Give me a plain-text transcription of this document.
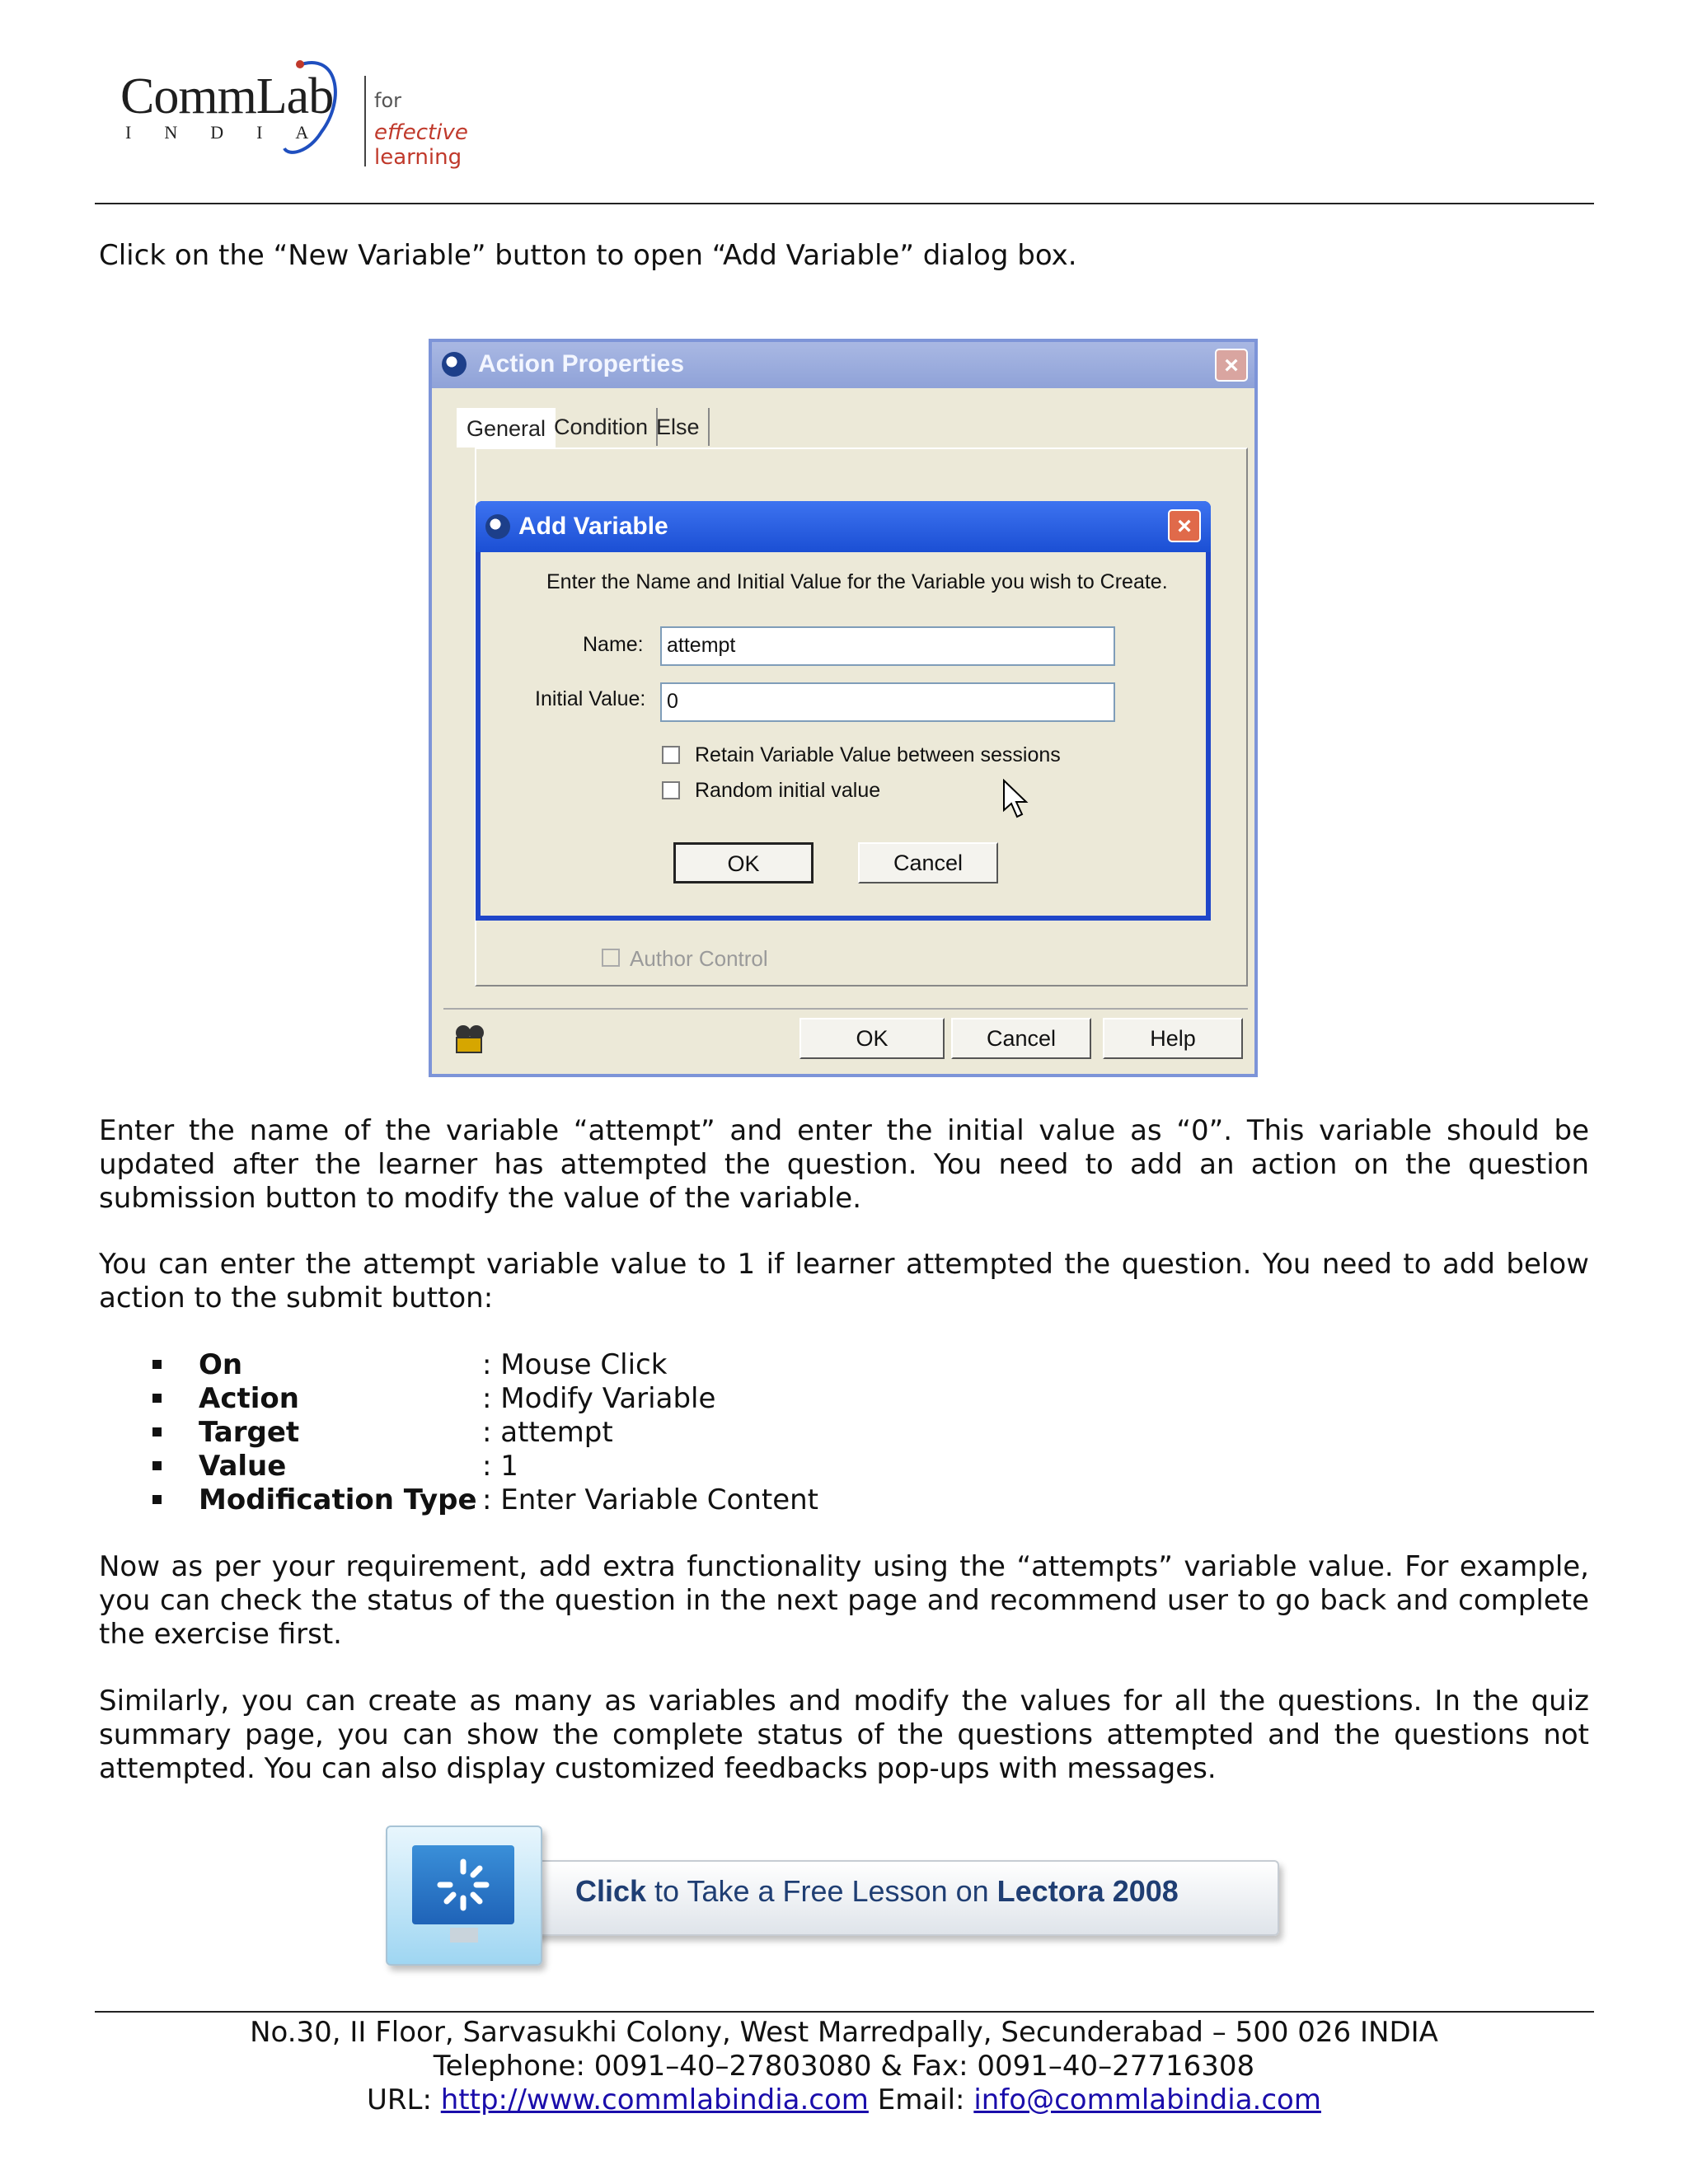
CommLab
INDIA
for
effective learning
Click on the “New Variable” button to open “Add Variable” dialog box.
Action Properties	×
General Condition Else
Author Control
OK	Cancel	Help
Add Variable	×
Enter the Name and Initial Value for the Variable you wish to Create.
Name:	attempt
Initial Value:	0
Retain Variable Value between sessions
Random initial value
OK	Cancel
Enter the name of the variable “attempt” and enter the initial value as “0”. This variable should be updated after the learner has attempted the question. You need to add an action on the question submission button to modify the value of the variable.
You can enter the attempt variable value to 1 if learner attempted the question. You need to add below action to the submit button:
On	: Mouse Click
Action	: Modify Variable
Target	: attempt
Value	: 1
Modification Type : Enter Variable Content
Now as per your requirement, add extra functionality using the “attempts” variable value. For example, you can check the status of the question in the next page and recommend user to go back and complete the exercise first.
Similarly, you can create as many as variables and modify the values for all the questions. In the quiz summary page, you can show the complete status of the questions attempted and the questions not attempted. You can also display customized feedbacks pop-ups with messages.
Click to Take a Free Lesson on Lectora 2008
No.30, II Floor, Sarvasukhi Colony, West Marredpally, Secunderabad – 500 026 INDIA
Telephone: 0091–40–27803080 & Fax: 0091–40–27716308
URL: http://www.commlabindia.com Email: info@commlabindia.com
